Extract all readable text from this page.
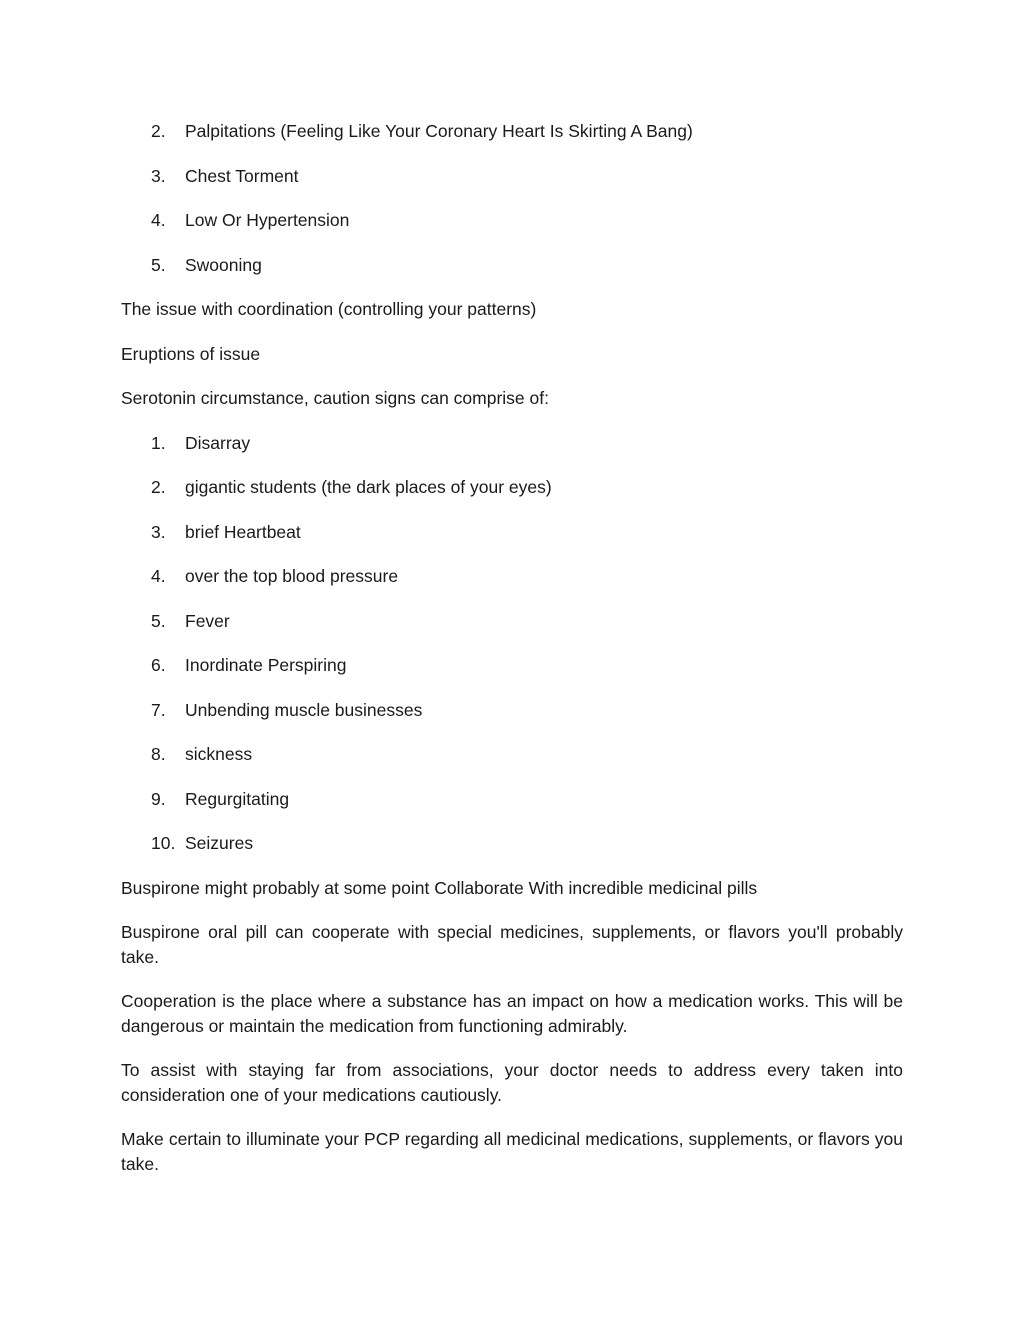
2.	Palpitations (Feeling Like Your Coronary Heart Is Skirting A Bang)
3.	Chest Torment
4.	Low Or Hypertension
5.	Swooning

The issue with coordination (controlling your patterns)

Eruptions of issue

Serotonin circumstance, caution signs can comprise of:

1.	Disarray
2.	gigantic students (the dark places of your eyes)
3.	brief Heartbeat
4.	over the top blood pressure
5.	Fever
6.	Inordinate Perspiring
7.	Unbending muscle businesses
8.	sickness
9.	Regurgitating
10. Seizures

Buspirone might probably at some point Collaborate With incredible medicinal pills

Buspirone oral pill can cooperate with special medicines, supplements, or flavors you'll probably take.

Cooperation is the place where a substance has an impact on how a medication works. This will be dangerous or maintain the medication from functioning admirably.

To assist with staying far from associations, your doctor needs to address every taken into consideration one of your medications cautiously.

Make certain to illuminate your PCP regarding all medicinal medications, supplements, or flavors you take.
